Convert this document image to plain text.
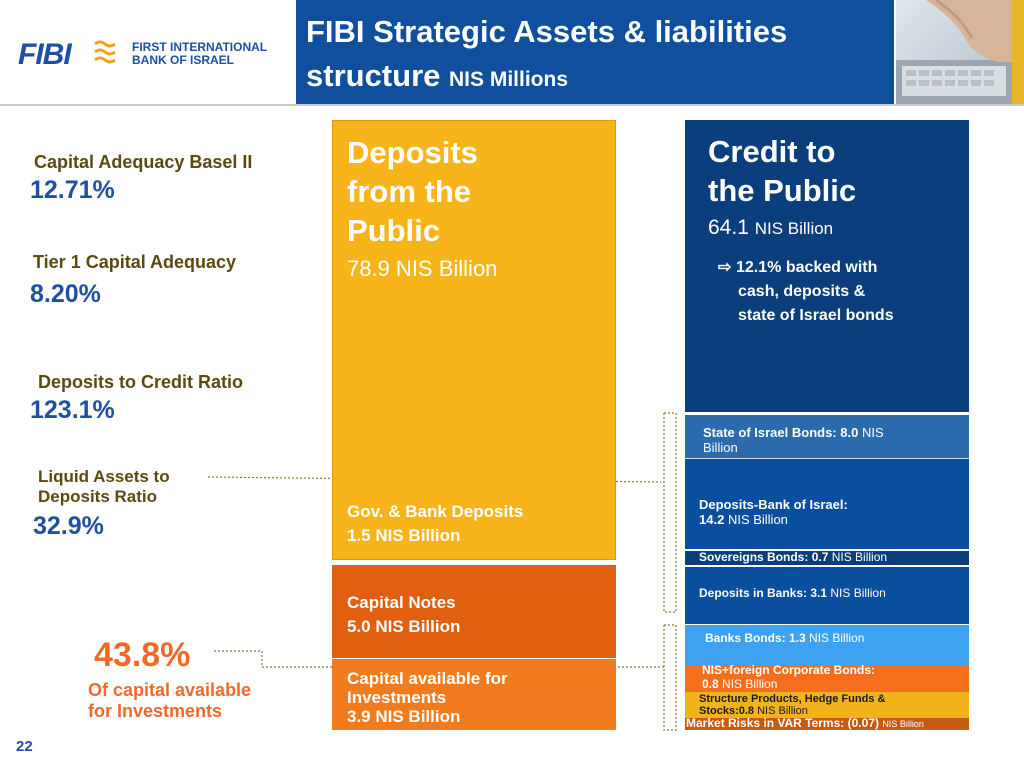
FIBI	FIRST INTERNATIONAL
BANK OF ISRAEL
FIBI Strategic Assets & liabilities
structure NIS Millions
Capital Adequacy Basel II
12.71%
Tier 1 Capital Adequacy
8.20%
Deposits to Credit Ratio
123.1%
Liquid Assets to
Deposits Ratio
32.9%
43.8%
Of capital available
for Investments
Deposits
from the
Public
78.9 NIS Billion
Gov. & Bank Deposits
1.5 NIS Billion
Capital Notes
5.0 NIS Billion
Capital available for
Investments
3.9 NIS Billion
Credit to
the Public
64.1 NIS Billion
⇨ 12.1% backed with
cash, deposits &
state of Israel bonds
State of Israel Bonds: 8.0 NIS
Billion
Deposits-Bank of Israel:
14.2 NIS Billion
Sovereigns Bonds: 0.7 NIS Billion
Deposits in Banks: 3.1 NIS Billion
Banks Bonds: 1.3 NIS Billion
NIS+foreign Corporate Bonds:
0.8 NIS Billion
Structure Products, Hedge Funds &
Stocks:0.8 NIS Billion
Market Risks in VAR Terms: (0.07) NIS Billion
22
